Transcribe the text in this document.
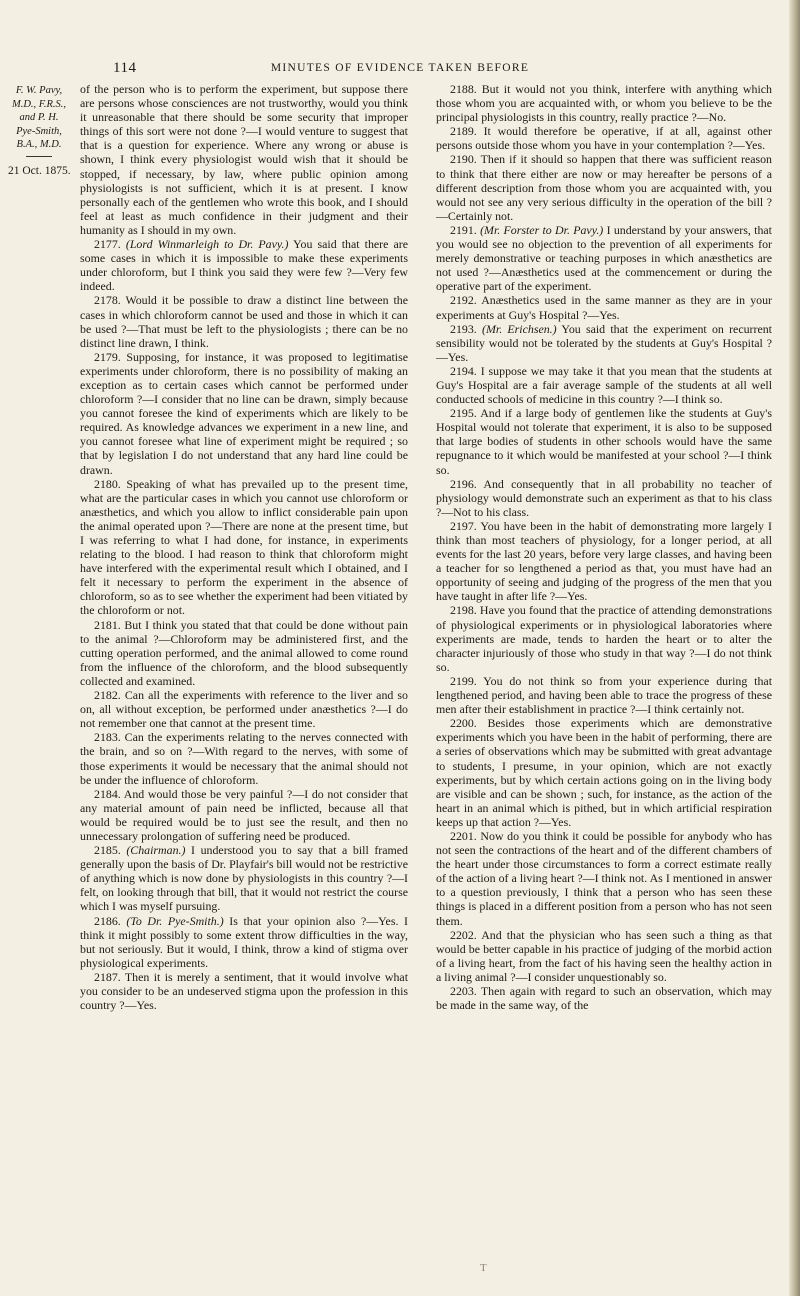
114	MINUTES OF EVIDENCE TAKEN BEFORE
F. W. Pavy,
M.D., F.R.S.,
and P. H.
Pye-Smith,
B.A., M.D.
21 Oct. 1875.

of the person who is to perform the experiment, but suppose there are persons whose consciences are not trustworthy, would you think it unreasonable that there should be some security that improper things of this sort were not done ?—I would venture to suggest that that is a question for experience. Where any wrong or abuse is shown, I think every physiologist would wish that it should be stopped, if necessary, by law, where public opinion among physiologists is not sufficient, which it is at present. I know personally each of the gentlemen who wrote this book, and I should feel at least as much confidence in their judgment and their humanity as I should in my own.

2177. (Lord Winmarleigh to Dr. Pavy.) You said that there are some cases in which it is impossible to make these experiments under chloroform, but I think you said they were few ?—Very few indeed.

2178. Would it be possible to draw a distinct line between the cases in which chloroform cannot be used and those in which it can be used ?—That must be left to the physiologists ; there can be no distinct line drawn, I think.

2179. Supposing, for instance, it was proposed to legitimatise experiments under chloroform, there is no possibility of making an exception as to certain cases which cannot be performed under chloroform ?—I consider that no line can be drawn, simply because you cannot foresee the kind of experiments which are likely to be required. As knowledge advances we experiment in a new line, and you cannot foresee what line of experiment might be required ; so that by legislation I do not understand that any hard line could be drawn.

2180. Speaking of what has prevailed up to the present time, what are the particular cases in which you cannot use chloroform or anæsthetics, and which you allow to inflict considerable pain upon the animal operated upon ?—There are none at the present time, but I was referring to what I had done, for instance, in experiments relating to the blood. I had reason to think that chloroform might have interfered with the experimental result which I obtained, and I felt it necessary to perform the experiment in the absence of chloroform, so as to see whether the experiment had been vitiated by the chloroform or not.

2181. But I think you stated that that could be done without pain to the animal ?—Chloroform may be administered first, and the cutting operation performed, and the animal allowed to come round from the influence of the chloroform, and the blood subsequently collected and examined.

2182. Can all the experiments with reference to the liver and so on, all without exception, be performed under anæsthetics ?—I do not remember one that cannot at the present time.

2183. Can the experiments relating to the nerves connected with the brain, and so on ?—With regard to the nerves, with some of those experiments it would be necessary that the animal should not be under the influence of chloroform.

2184. And would those be very painful ?—I do not consider that any material amount of pain need be inflicted, because all that would be required would be to just see the result, and then no unnecessary prolongation of suffering need be produced.

2185. (Chairman.) I understood you to say that a bill framed generally upon the basis of Dr. Playfair's bill would not be restrictive of anything which is now done by physiologists in this country ?—I felt, on looking through that bill, that it would not restrict the course which I was myself pursuing.

2186. (To Dr. Pye-Smith.) Is that your opinion also ?—Yes. I think it might possibly to some extent throw difficulties in the way, but not seriously. But it would, I think, throw a kind of stigma over physiological experiments.

2187. Then it is merely a sentiment, that it would involve what you consider to be an undeserved stigma upon the profession in this country ?—Yes.

2188. But it would not you think, interfere with anything which those whom you are acquainted with, or whom you believe to be the principal physiologists in this country, really practice ?—No.

2189. It would therefore be operative, if at all, against other persons outside those whom you have in your contemplation ?—Yes.

2190. Then if it should so happen that there was sufficient reason to think that there either are now or may hereafter be persons of a different description from those whom you are acquainted with, you would not see any very serious difficulty in the operation of the bill ?—Certainly not.

2191. (Mr. Forster to Dr. Pavy.) I understand by your answers, that you would see no objection to the prevention of all experiments for merely demonstrative or teaching purposes in which anæsthetics are not used ?—Anæsthetics used at the commencement or during the operative part of the experiment.

2192. Anæsthetics used in the same manner as they are in your experiments at Guy's Hospital ?—Yes.

2193. (Mr. Erichsen.) You said that the experiment on recurrent sensibility would not be tolerated by the students at Guy's Hospital ?—Yes.

2194. I suppose we may take it that you mean that the students at Guy's Hospital are a fair average sample of the students at all well conducted schools of medicine in this country ?—I think so.

2195. And if a large body of gentlemen like the students at Guy's Hospital would not tolerate that experiment, it is also to be supposed that large bodies of students in other schools would have the same repugnance to it which would be manifested at your school ?—I think so.

2196. And consequently that in all probability no teacher of physiology would demonstrate such an experiment as that to his class ?—Not to his class.

2197. You have been in the habit of demonstrating more largely I think than most teachers of physiology, for a longer period, at all events for the last 20 years, before very large classes, and having been a teacher for so lengthened a period as that, you must have had an opportunity of seeing and judging of the progress of the men that you have taught in after life ?—Yes.

2198. Have you found that the practice of attending demonstrations of physiological experiments or in physiological laboratories where experiments are made, tends to harden the heart or to alter the character injuriously of those who study in that way ?—I do not think so.

2199. You do not think so from your experience during that lengthened period, and having been able to trace the progress of these men after their establishment in practice ?—I think certainly not.

2200. Besides those experiments which are demonstrative experiments which you have been in the habit of performing, there are a series of observations which may be submitted with great advantage to students, I presume, in your opinion, which are not exactly experiments, but by which certain actions going on in the living body are visible and can be shown ; such, for instance, as the action of the heart in an animal which is pithed, but in which artificial respiration keeps up that action ?—Yes.

2201. Now do you think it could be possible for anybody who has not seen the contractions of the heart and of the different chambers of the heart under those circumstances to form a correct estimate really of the action of a living heart ?—I think not. As I mentioned in answer to a question previously, I think that a person who has seen these things is placed in a different position from a person who has not seen them.

2202. And that the physician who has seen such a thing as that would be better capable in his practice of judging of the morbid action of a living heart, from the fact of his having seen the healthy action in a living animal ?—I consider unquestionably so.

2203. Then again with regard to such an observation, which may be made in the same way, of the

T
